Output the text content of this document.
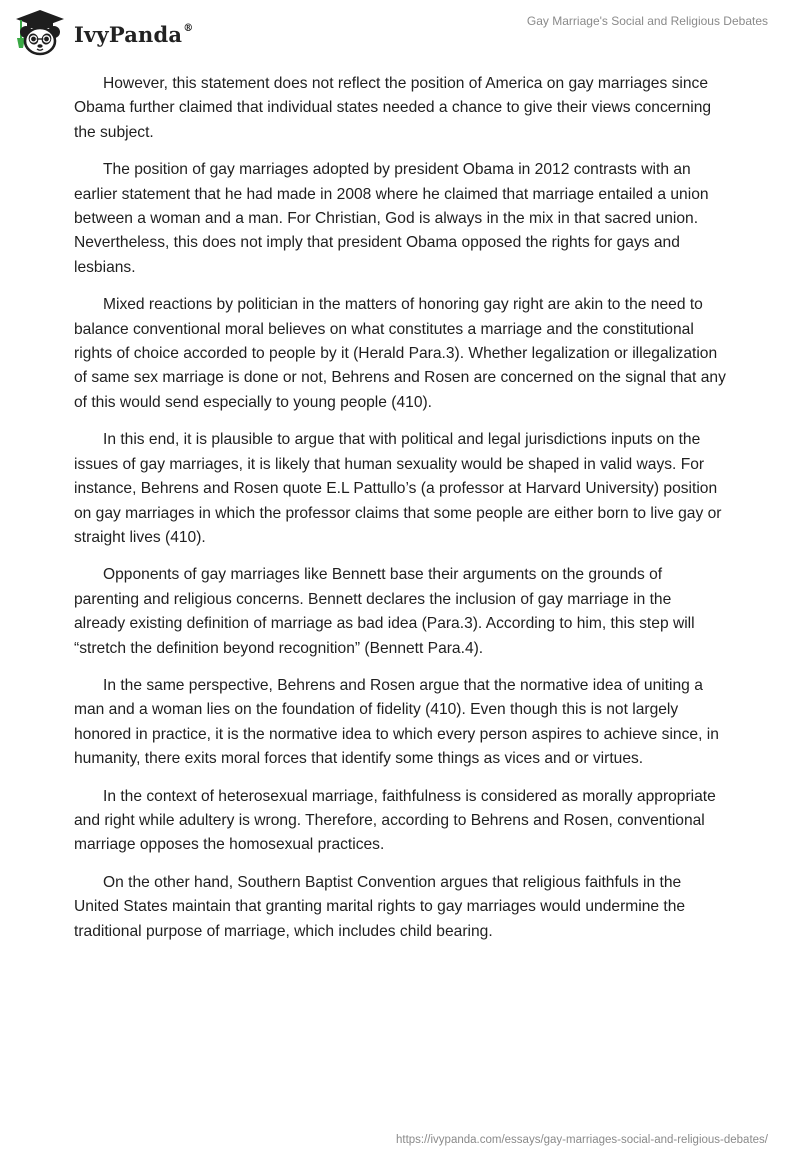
IvyPanda®	Gay Marriage's Social and Religious Debates

However, this statement does not reflect the position of America on gay marriages since Obama further claimed that individual states needed a chance to give their views concerning the subject.

The position of gay marriages adopted by president Obama in 2012 contrasts with an earlier statement that he had made in 2008 where he claimed that marriage entailed a union between a woman and a man. For Christian, God is always in the mix in that sacred union. Nevertheless, this does not imply that president Obama opposed the rights for gays and lesbians.

Mixed reactions by politician in the matters of honoring gay right are akin to the need to balance conventional moral believes on what constitutes a marriage and the constitutional rights of choice accorded to people by it (Herald Para.3). Whether legalization or illegalization of same sex marriage is done or not, Behrens and Rosen are concerned on the signal that any of this would send especially to young people (410).

In this end, it is plausible to argue that with political and legal jurisdictions inputs on the issues of gay marriages, it is likely that human sexuality would be shaped in valid ways. For instance, Behrens and Rosen quote E.L Pattullo’s (a professor at Harvard University) position on gay marriages in which the professor claims that some people are either born to live gay or straight lives (410).

Opponents of gay marriages like Bennett base their arguments on the grounds of parenting and religious concerns. Bennett declares the inclusion of gay marriage in the already existing definition of marriage as bad idea (Para.3). According to him, this step will “stretch the definition beyond recognition” (Bennett Para.4).

In the same perspective, Behrens and Rosen argue that the normative idea of uniting a man and a woman lies on the foundation of fidelity (410). Even though this is not largely honored in practice, it is the normative idea to which every person aspires to achieve since, in humanity, there exits moral forces that identify some things as vices and or virtues.

In the context of heterosexual marriage, faithfulness is considered as morally appropriate and right while adultery is wrong. Therefore, according to Behrens and Rosen, conventional marriage opposes the homosexual practices.

On the other hand, Southern Baptist Convention argues that religious faithfuls in the United States maintain that granting marital rights to gay marriages would undermine the traditional purpose of marriage, which includes child bearing.

https://ivypanda.com/essays/gay-marriages-social-and-religious-debates/
